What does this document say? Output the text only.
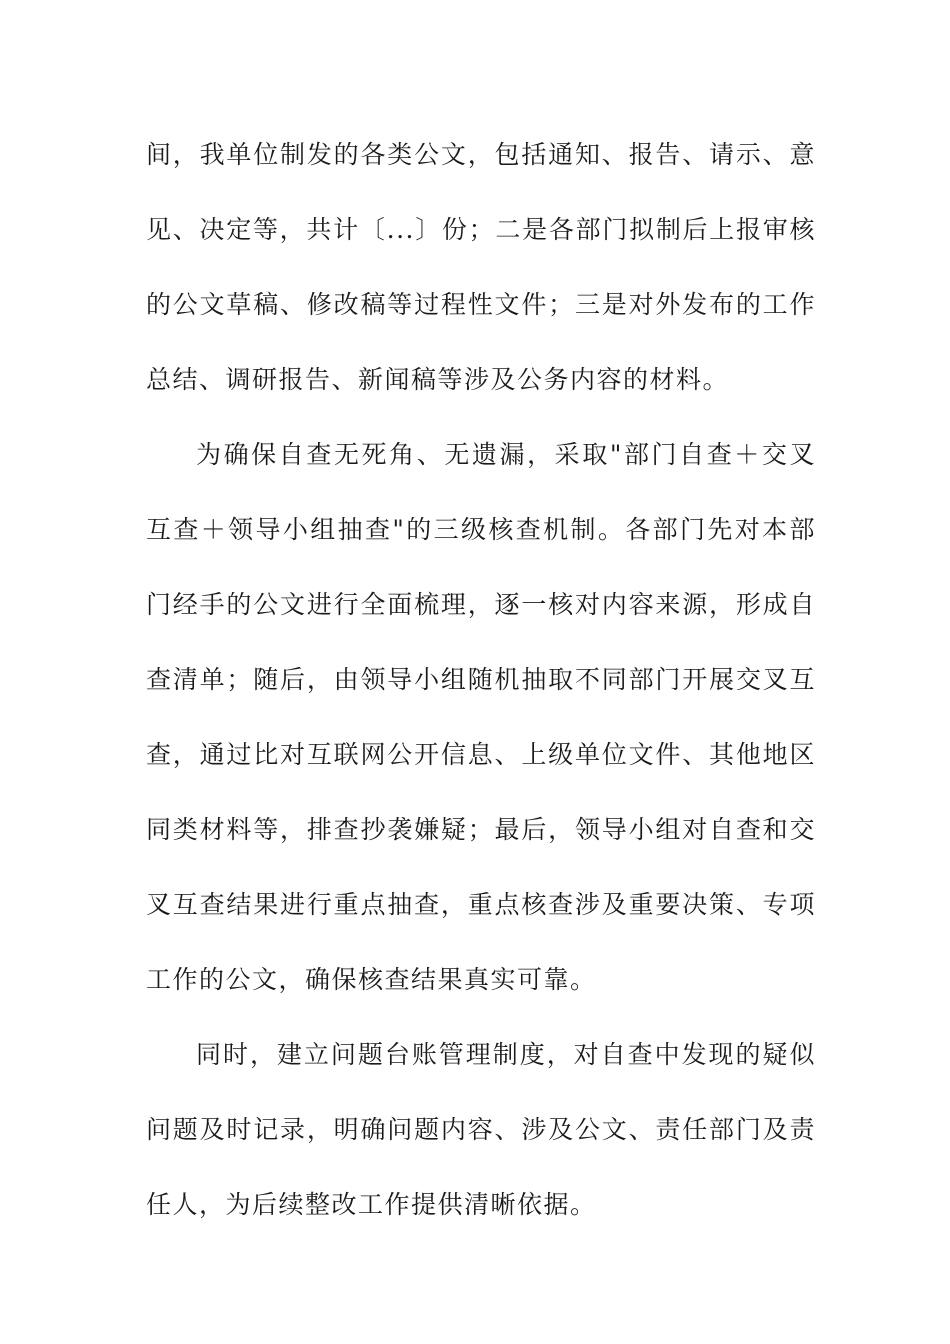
间，我单位制发的各类公文，包括通知、报告、请示、意见、决定等，共计〔...〕份；二是各部门拟制后上报审核的公文草稿、修改稿等过程性文件；三是对外发布的工作总结、调研报告、新闻稿等涉及公务内容的材料。

为确保自查无死角、无遗漏，采取"部门自查＋交叉互查＋领导小组抽查"的三级核查机制。各部门先对本部门经手的公文进行全面梳理，逐一核对内容来源，形成自查清单；随后，由领导小组随机抽取不同部门开展交叉互查，通过比对互联网公开信息、上级单位文件、其他地区同类材料等，排查抄袭嫌疑；最后，领导小组对自查和交叉互查结果进行重点抽查，重点核查涉及重要决策、专项工作的公文，确保核查结果真实可靠。

同时，建立问题台账管理制度，对自查中发现的疑似问题及时记录，明确问题内容、涉及公文、责任部门及责任人，为后续整改工作提供清晰依据。
